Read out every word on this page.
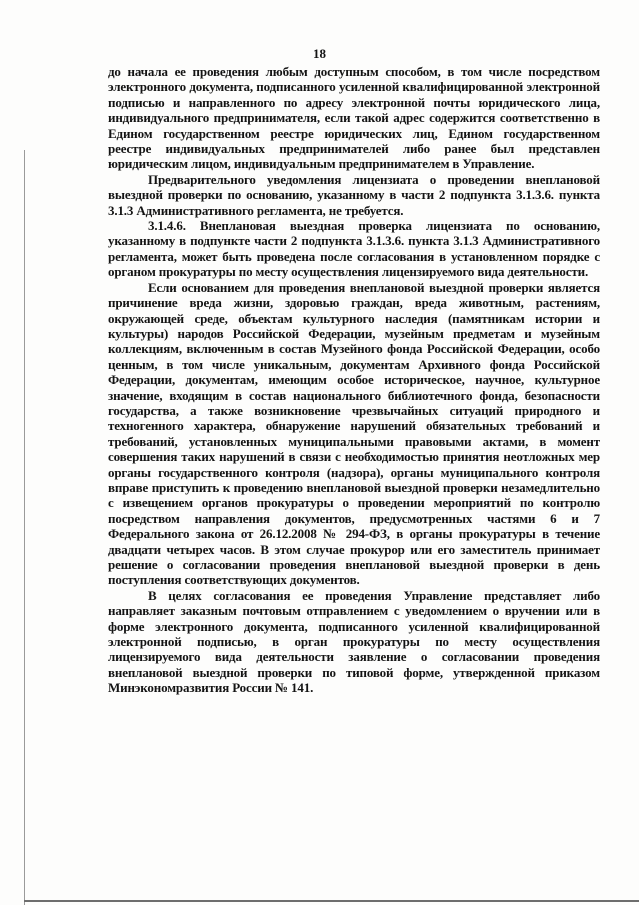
18

до начала ее проведения любым доступным способом, в том числе посредством электронного документа, подписанного усиленной квалифицированной электронной подписью и направленного по адресу электронной почты юридического лица, индивидуального предпринимателя, если такой адрес содержится соответственно в Едином государственном реестре юридических лиц, Едином государственном реестре индивидуальных предпринимателей либо ранее был представлен юридическим лицом, индивидуальным предпринимателем в Управление.

Предварительного уведомления лицензиата о проведении внеплановой выездной проверки по основанию, указанному в части 2 подпункта 3.1.3.6. пункта 3.1.3 Административного регламента, не требуется.

3.1.4.6. Внеплановая выездная проверка лицензиата по основанию, указанному в подпункте части 2 подпункта 3.1.3.6. пункта 3.1.3 Административного регламента, может быть проведена после согласования в установленном порядке с органом прокуратуры по месту осуществления лицензируемого вида деятельности.

Если основанием для проведения внеплановой выездной проверки является причинение вреда жизни, здоровью граждан, вреда животным, растениям, окружающей среде, объектам культурного наследия (памятникам истории и культуры) народов Российской Федерации, музейным предметам и музейным коллекциям, включенным в состав Музейного фонда Российской Федерации, особо ценным, в том числе уникальным, документам Архивного фонда Российской Федерации, документам, имеющим особое историческое, научное, культурное значение, входящим в состав национального библиотечного фонда, безопасности государства, а также возникновение чрезвычайных ситуаций природного и техногенного характера, обнаружение нарушений обязательных требований и требований, установленных муниципальными правовыми актами, в момент совершения таких нарушений в связи с необходимостью принятия неотложных мер органы государственного контроля (надзора), органы муниципального контроля вправе приступить к проведению внеплановой выездной проверки незамедлительно с извещением органов прокуратуры о проведении мероприятий по контролю посредством направления документов, предусмотренных частями 6 и 7 Федерального закона от 26.12.2008 № 294-ФЗ, в органы прокуратуры в течение двадцати четырех часов. В этом случае прокурор или его заместитель принимает решение о согласовании проведения внеплановой выездной проверки в день поступления соответствующих документов.

В целях согласования ее проведения Управление представляет либо направляет заказным почтовым отправлением с уведомлением о вручении или в форме электронного документа, подписанного усиленной квалифицированной электронной подписью, в орган прокуратуры по месту осуществления лицензируемого вида деятельности заявление о согласовании проведения внеплановой выездной проверки по типовой форме, утвержденной приказом Минэкономразвития России № 141.
